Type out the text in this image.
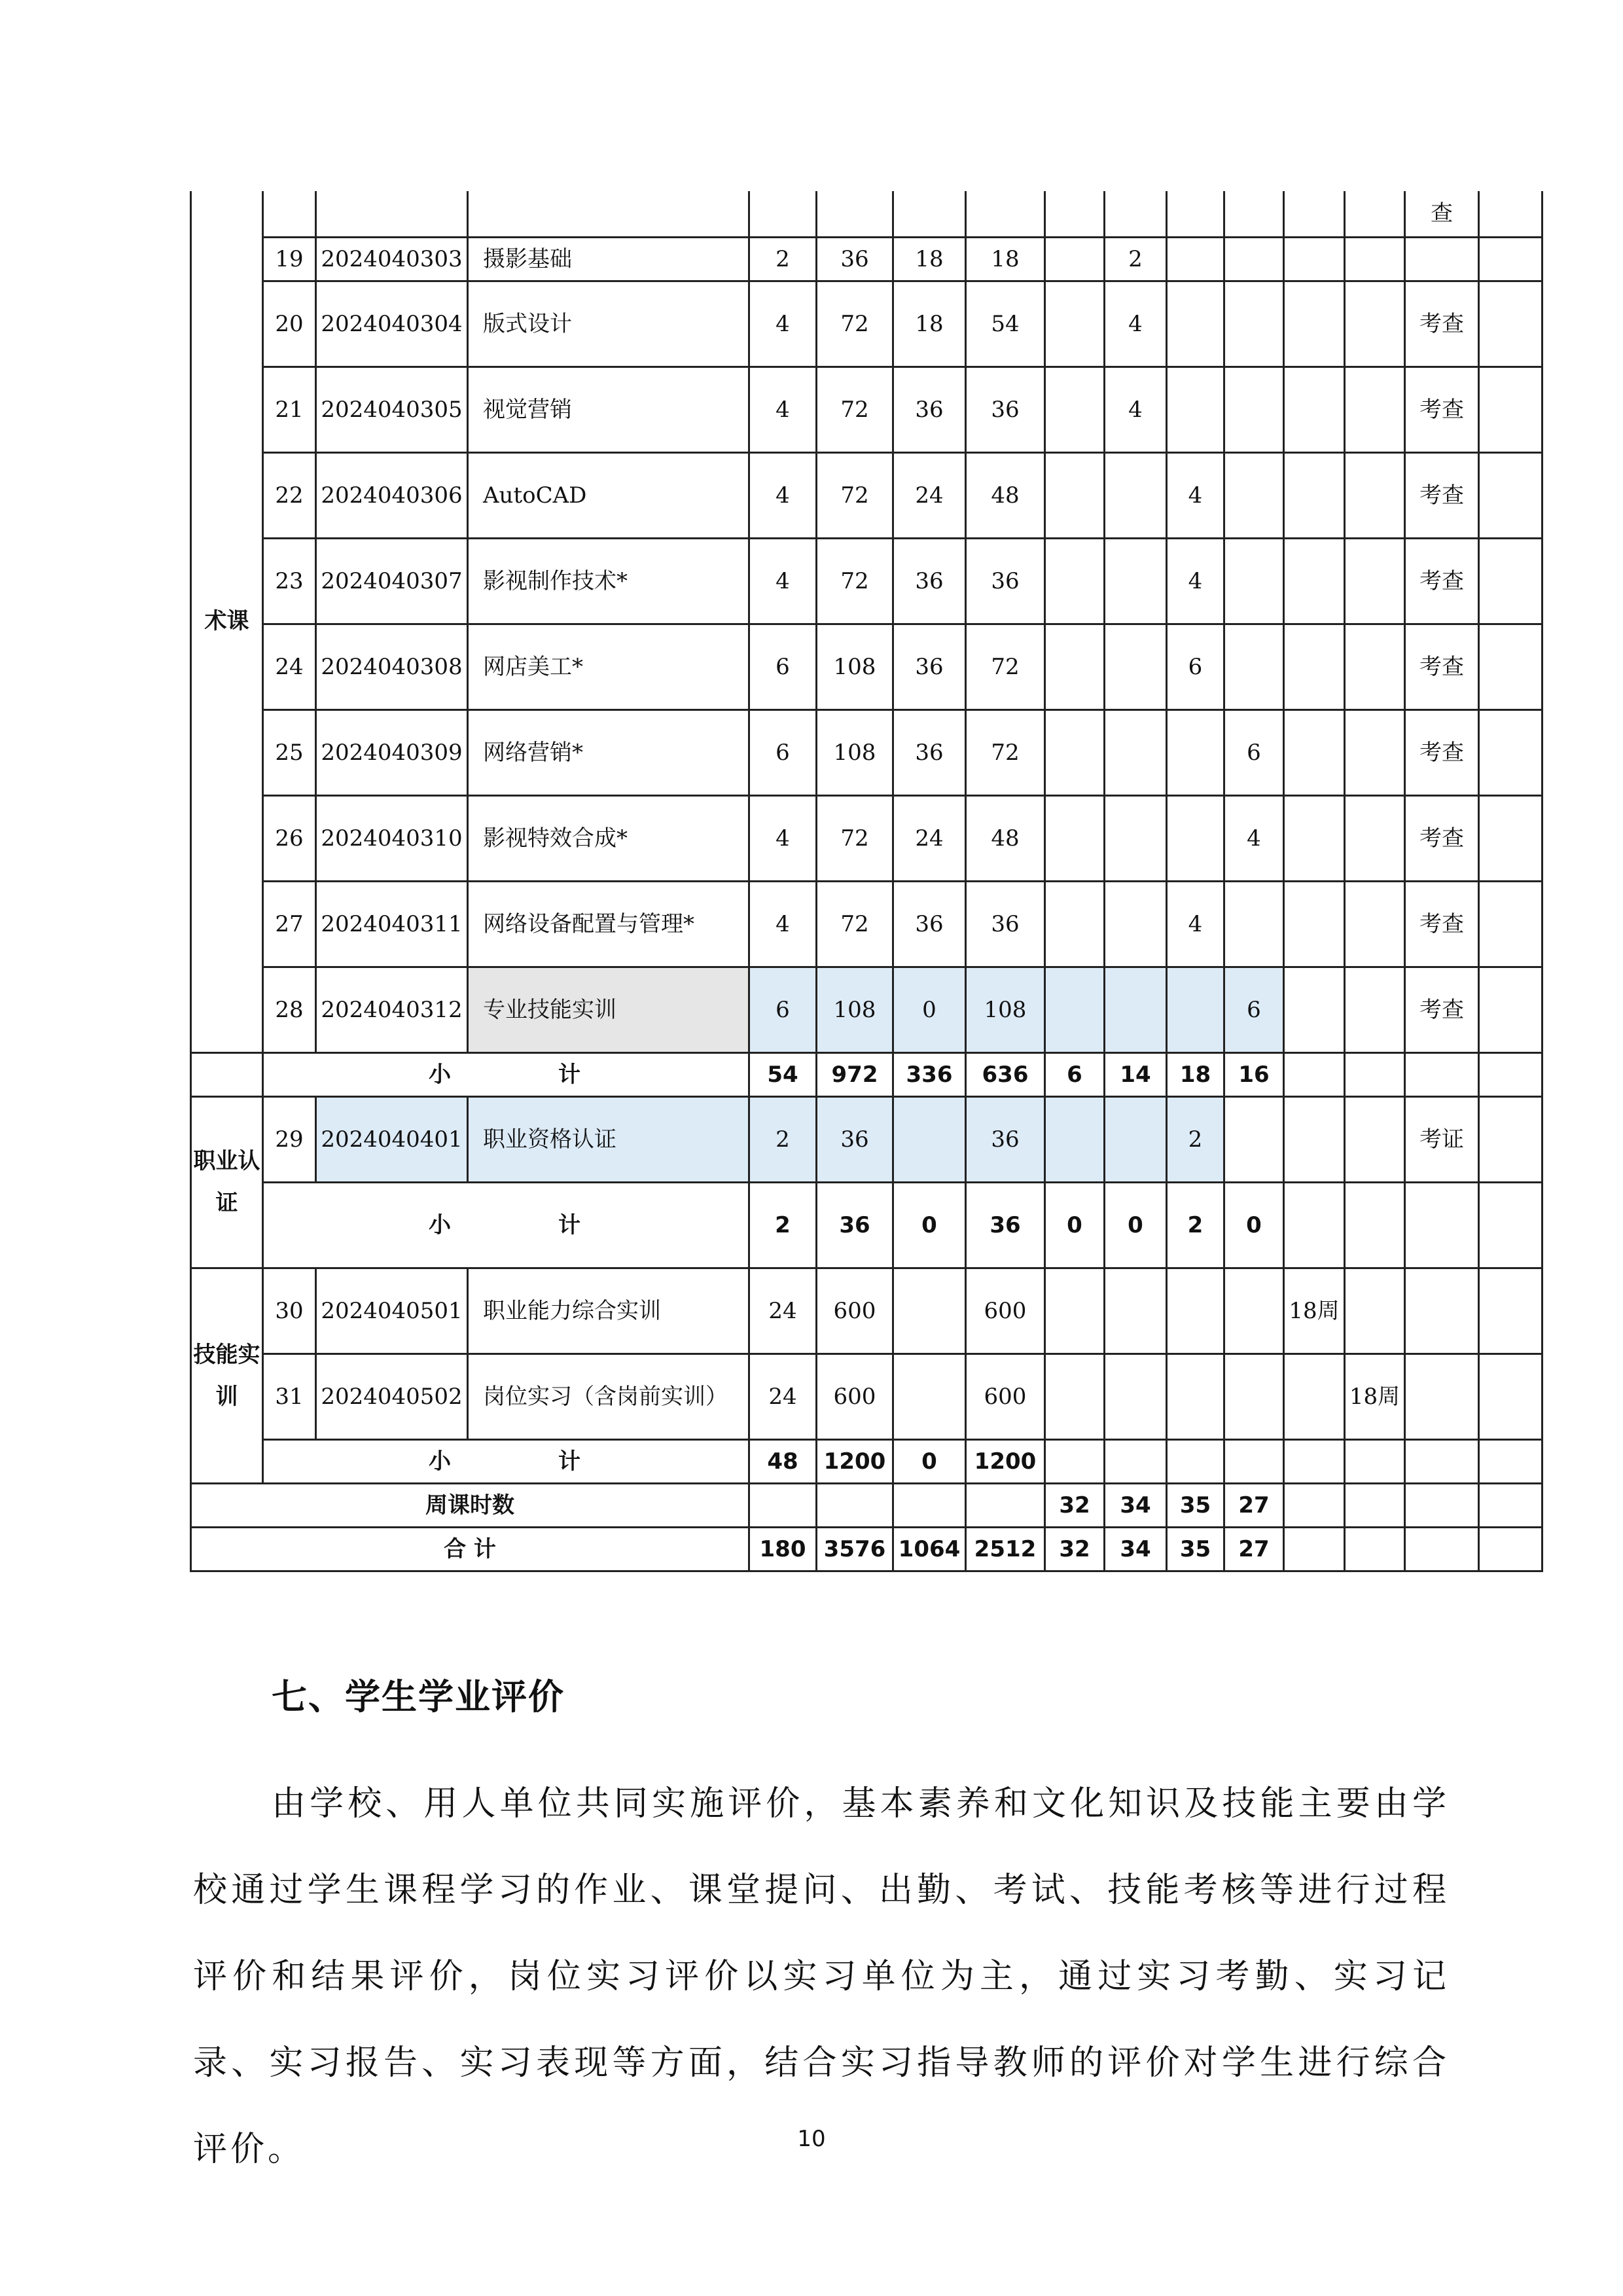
术课														查	
	19	2024040303	摄影基础	2	36	18	18		2						
	20	2024040304	版式设计	4	72	18	54		4					考查	
	21	2024040305	视觉营销	4	72	36	36		4					考查	
	22	2024040306	AutoCAD	4	72	24	48			4				考查	
	23	2024040307	影视制作技术*	4	72	36	36			4				考查	
	24	2024040308	网店美工*	6	108	36	72			6				考查	
	25	2024040309	网络营销*	6	108	36	72				6			考查	
	26	2024040310	影视特效合成*	4	72	24	48				4			考查	
	27	2024040311	网络设备配置与管理*	4	72	36	36			4				考查	
	28	2024040312	专业技能实训	6	108	0	108				6			考查	
	小 计			54	972	336	636	6	14	18	16				
职业认证	29	2024040401	职业资格认证	2	36		36			2				考证	
	小 计			2	36	0	36	0	0	2	0				
技能实训	30	2024040501	职业能力综合实训	24	600		600					18周			
	31	2024040502	岗位实习（含岗前实训）	24	600		600						18周		
	小 计			48	1200	0	1200								
周课时数								32	34	35	27				
合 计				180	3576	1064	2512	32	34	35	27				
七、学生学业评价

由学校、用人单位共同实施评价，基本素养和文化知识及技能主要由学校通过学生课程学习的作业、课堂提问、出勤、考试、技能考核等进行过程评价和结果评价，岗位实习评价以实习单位为主，通过实习考勤、实习记录、实习报告、实习表现等方面，结合实习指导教师的评价对学生进行综合评价。	10
